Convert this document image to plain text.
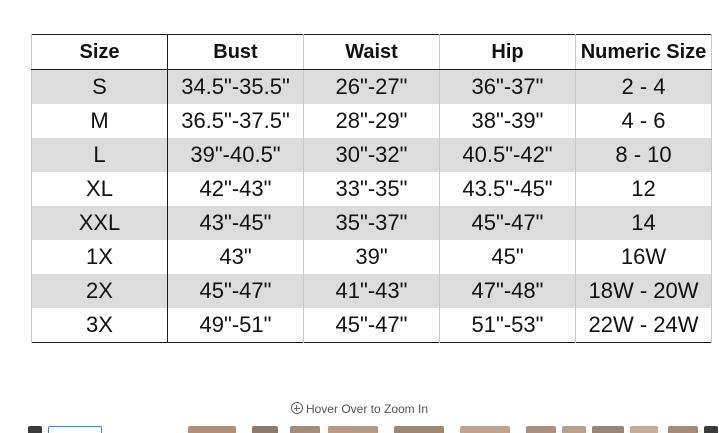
Size	Bust	Waist	Hip	Numeric Size
S	34.5"-35.5"	26"-27"	36"-37"	2 - 4
M	36.5"-37.5"	28"-29"	38"-39"	4 - 6
L	39"-40.5"	30"-32"	40.5"-42"	8 - 10
XL	42"-43"	33"-35"	43.5"-45"	12
XXL	43"-45"	35"-37"	45"-47"	14
1X	43"	39"	45"	16W
2X	45"-47"	41"-43"	47"-48"	18W - 20W
3X	49"-51"	45"-47"	51"-53"	22W - 24W
Hover Over to Zoom In
